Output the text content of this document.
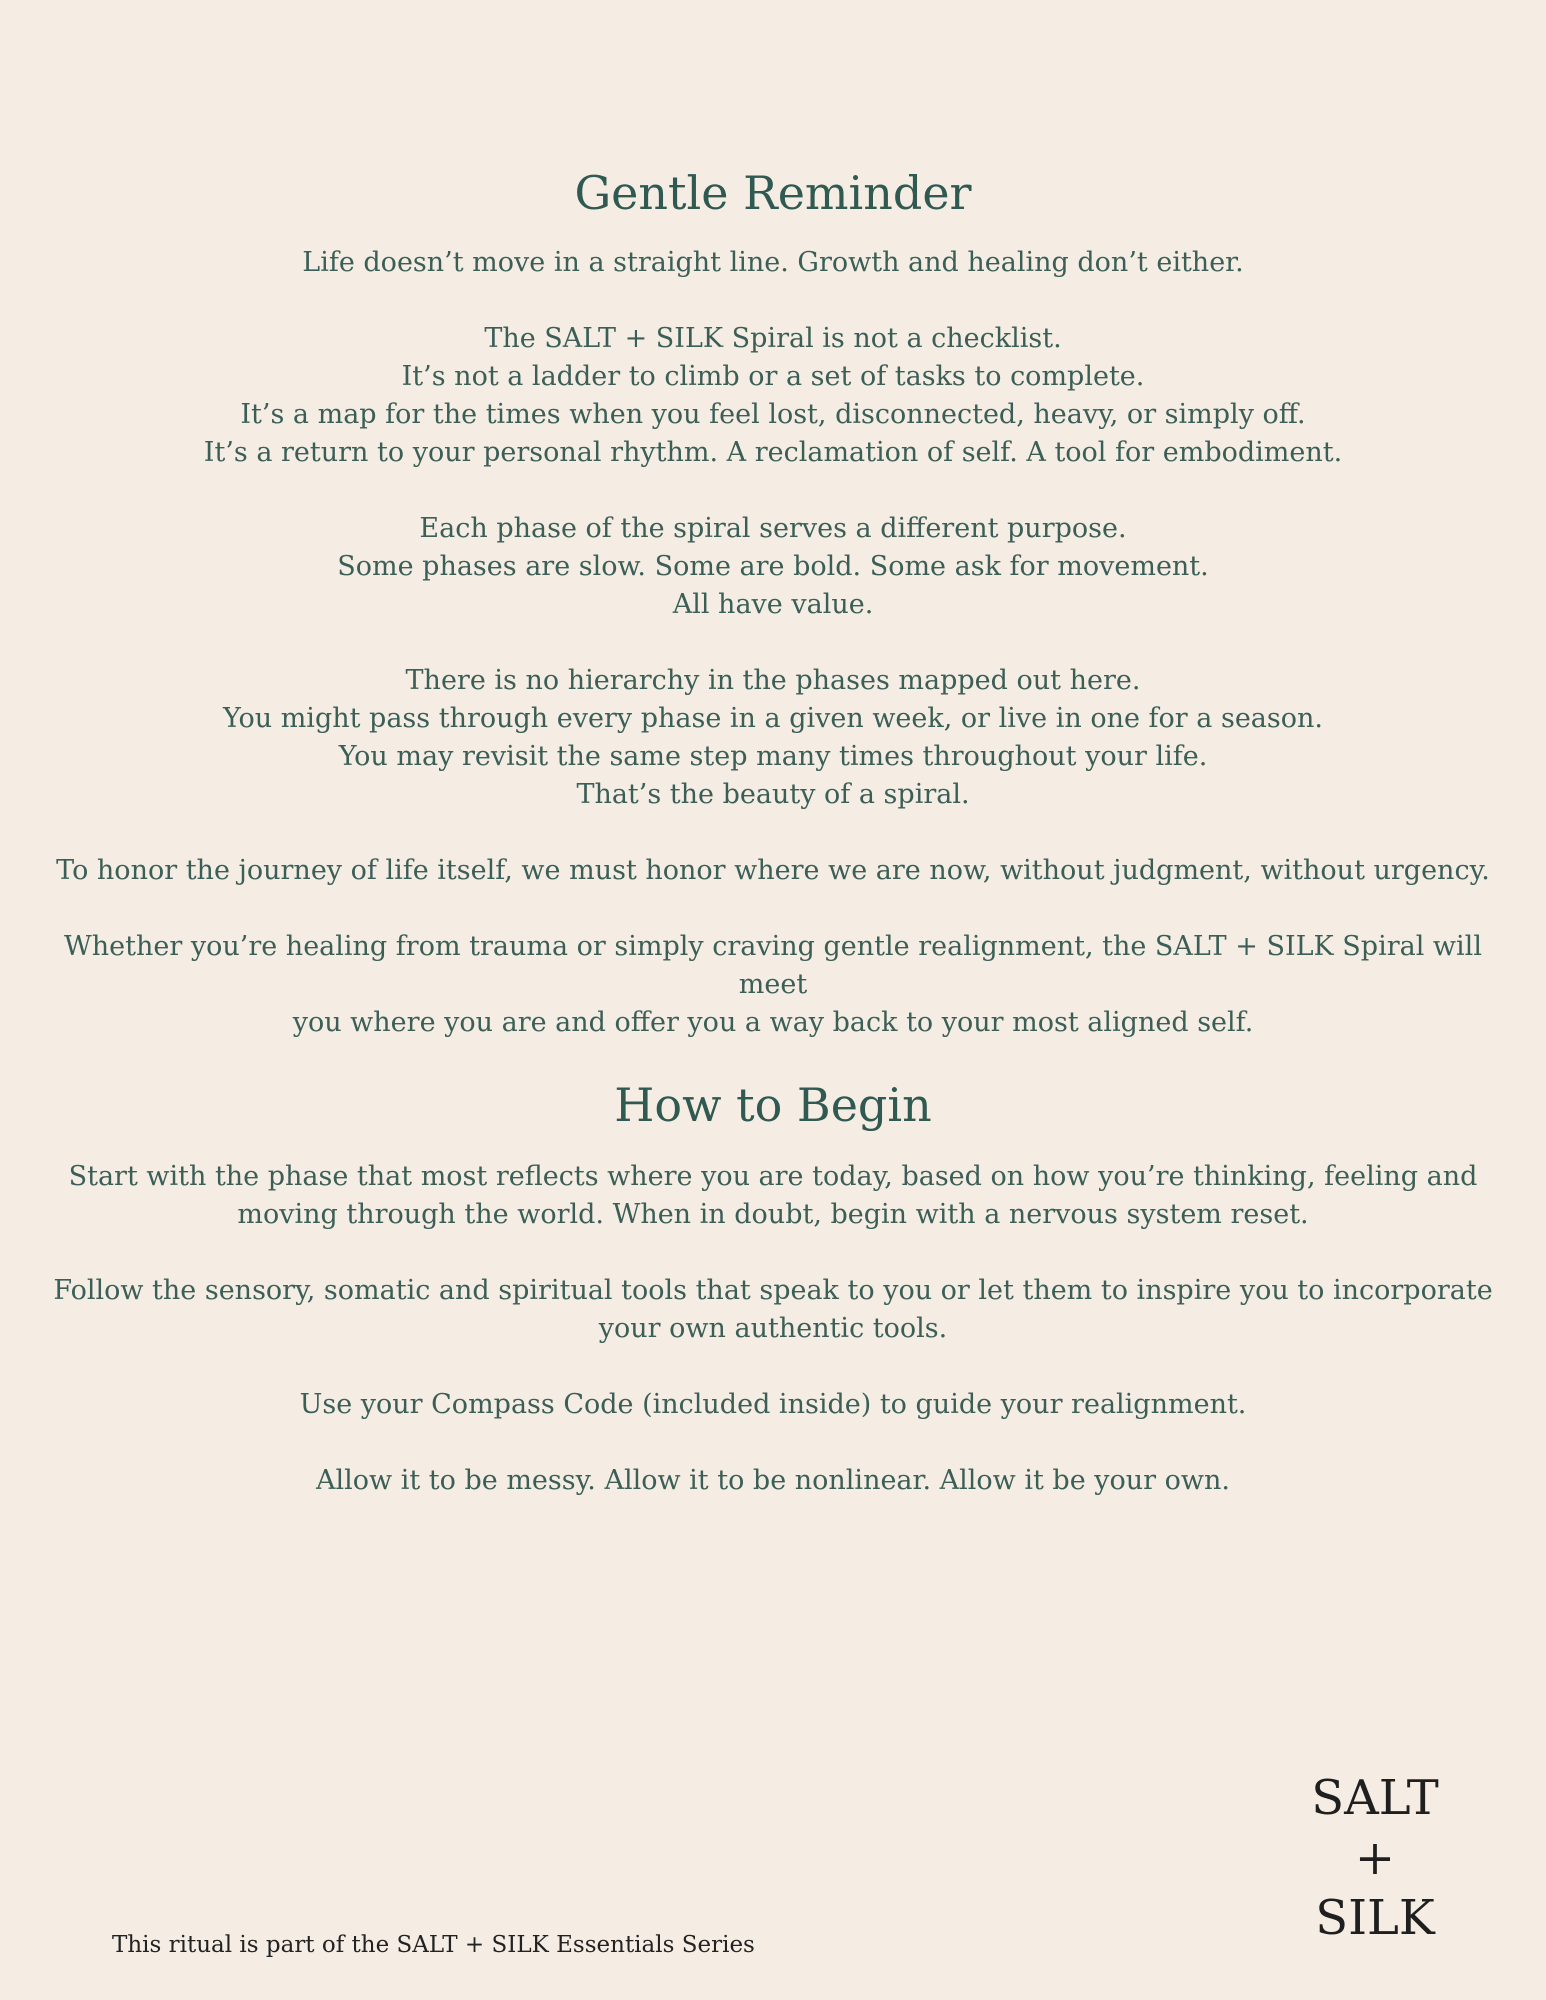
Gentle Reminder

Life doesn’t move in a straight line. Growth and healing don’t either.

The SALT + SILK Spiral is not a checklist.
It’s not a ladder to climb or a set of tasks to complete.
It’s a map for the times when you feel lost, disconnected, heavy, or simply off.
It’s a return to your personal rhythm. A reclamation of self. A tool for embodiment.

Each phase of the spiral serves a different purpose.
Some phases are slow. Some are bold. Some ask for movement.
All have value.

There is no hierarchy in the phases mapped out here.
You might pass through every phase in a given week, or live in one for a season.
You may revisit the same step many times throughout your life.
That’s the beauty of a spiral.

To honor the journey of life itself, we must honor where we are now, without judgment, without urgency.

Whether you’re healing from trauma or simply craving gentle realignment, the SALT + SILK Spiral will meet
you where you are and offer you a way back to your most aligned self.

How to Begin

Start with the phase that most reflects where you are today, based on how you’re thinking, feeling and
moving through the world. When in doubt, begin with a nervous system reset.

Follow the sensory, somatic and spiritual tools that speak to you or let them to inspire you to incorporate
your own authentic tools.

Use your Compass Code (included inside) to guide your realignment.

Allow it to be messy. Allow it to be nonlinear. Allow it be your own.

This ritual is part of the SALT + SILK Essentials Series
SALT
+
SILK
